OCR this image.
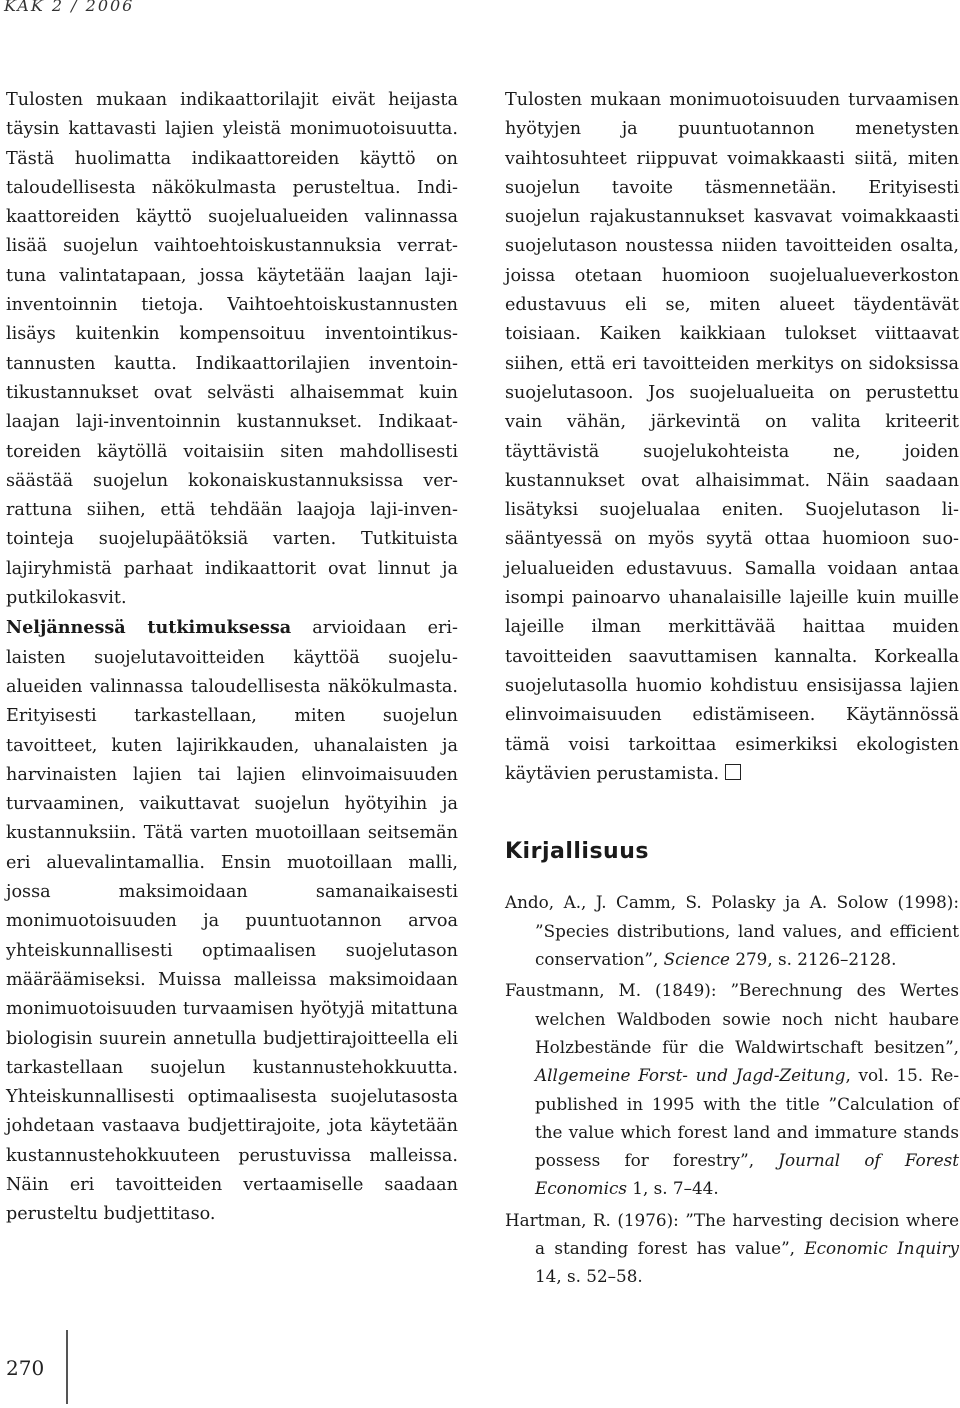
KAK 2 / 2006

Tulosten mukaan indikaattorilajit eivät heijasta täysin kattavasti lajien yleistä monimuotoisuutta. Tästä huolimatta indikaattoreiden käyttö on taloudellisesta näkökulmasta perusteltua. Indikaattoreiden käyttö suojelualueiden valinnassa lisää suojelun vaihtoehtoiskustannuksia verrattuna valintatapaan, jossa käytetään laajan lajiinventoinnin tietoja. Vaihtoehtoiskustannusten lisäys kuitenkin kompensoituu inventointikustannusten kautta. Indikaattorilajien inventointikustannukset ovat selvästi alhaisemmat kuin laajan laji-inventoinnin kustannukset. Indikaattoreiden käytöllä voitaisiin siten mahdollisesti säästää suojelun kokonaiskustannuksissa verrattuna siihen, että tehdään laajoja laji-inventointeja suojelupäätöksiä varten. Tutkituista lajiryhmistä parhaat indikaattorit ovat linnut ja putkilokasvit.

Neljännessä tutkimuksessa arvioidaan erilaisten suojelutavoitteiden käyttöä suojelualueiden valinnassa taloudellisesta näkökulmasta. Erityisesti tarkastellaan, miten suojelun tavoitteet, kuten lajirikkauden, uhanalaisten ja harvinaisten lajien tai lajien elinvoimaisuuden turvaaminen, vaikuttavat suojelun hyötyihin ja kustannuksiin. Tätä varten muotoillaan seitsemän eri aluevalintamallia. Ensin muotoillaan malli, jossa maksimoidaan samanaikaisesti monimuotoisuuden ja puuntuotannon arvoa yhteiskunnallisesti optimaalisen suojelutason määräämiseksi. Muissa malleissa maksimoidaan monimuotoisuuden turvaamisen hyötyjä mitattuna biologisin suurein annetulla budjettirajoitteella eli tarkastellaan suojelun kustannustehokkuutta. Yhteiskunnallisesti optimaalisesta suojelutasosta johdetaan vastaava budjettirajoite, jota käytetään kustannustehokkuuteen perustuvissa malleissa. Näin eri tavoitteiden vertaamiselle saadaan perusteltu budjettitaso.

Tulosten mukaan monimuotoisuuden turvaamisen hyötyjen ja puuntuotannon menetysten vaihtosuhteet riippuvat voimakkaasti siitä, miten suojelun tavoite täsmennetään. Erityisesti suojelun rajakustannukset kasvavat voimakkaasti suojelutason noustessa niiden tavoitteiden osalta, joissa otetaan huomioon suojelualueverkoston edustavuus eli se, miten alueet täydentävät toisiaan. Kaiken kaikkiaan tulokset viittaavat siihen, että eri tavoitteiden merkitys on sidoksissa suojelutasoon. Jos suojelualueita on perustettu vain vähän, järkevintä on valita kriteerit täyttävistä suojelukohteista ne, joiden kustannukset ovat alhaisimmat. Näin saadaan lisätyksi suojelualaa eniten. Suojelutason lisääntyessä on myös syytä ottaa huomioon suojelualueiden edustavuus. Samalla voidaan antaa isompi painoarvo uhanalaisille lajeille kuin muille lajeille ilman merkittävää haittaa muiden tavoitteiden saavuttamisen kannalta. Korkealla suojelutasolla huomio kohdistuu ensisijassa lajien elinvoimaisuuden edistämiseen. Käytännössä tämä voisi tarkoittaa esimerkiksi ekologisten käytävien perustamista.

Kirjallisuus

Ando, A., J. Camm, S. Polasky ja A. Solow (1998): ”Species distributions, land values, and efficient conservation”, Science 279, s. 2126–2128.

Faustmann, M. (1849): ”Berechnung des Wertes welchen Waldboden sowie noch nicht haubare Holzbestände für die Waldwirtschaft besitzen”, Allgemeine Forst- und Jagd-Zeitung, vol. 15. Republished in 1995 with the title ”Calculation of the value which forest land and immature stands possess for forestry”, Journal of Forest Economics 1, s. 7–44.

Hartman, R. (1976): ”The harvesting decision where a standing forest has value”, Economic Inquiry 14, s. 52–58.

270
